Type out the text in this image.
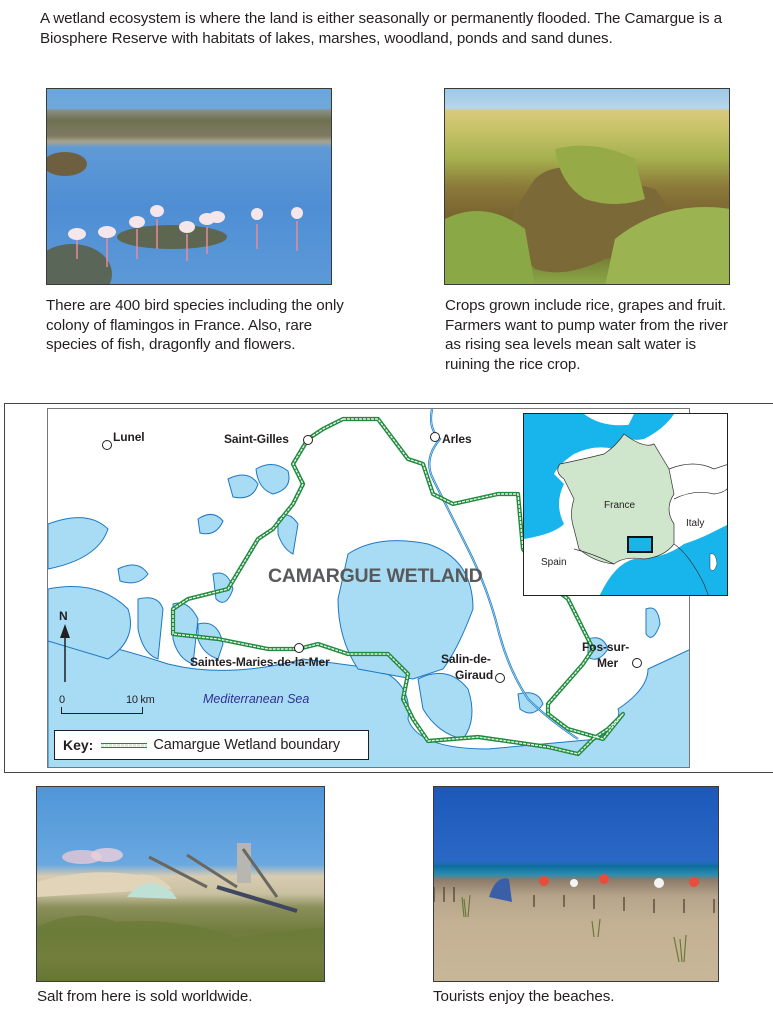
A wetland ecosystem is where the land is either seasonally or permanently flooded. The Camargue is a Biosphere Reserve with habitats of lakes, marshes, woodland, ponds and sand dunes.

There are 400 bird species including the only colony of flamingos in France. Also, rare species of fish, dragonfly and flowers.

Crops grown include rice, grapes and fruit. Farmers want to pump water from the river as rising sea levels mean salt water is ruining the rice crop.

CAMARGUE WETLAND
Lunel	Saint-Gilles	Arles
Saintes-Maries-de-la-Mer	Salin-de-
Giraud
Fos-sur-
Mer
Mediterranean Sea
N
0	10 km
Key:	Camargue Wetland boundary
France
Italy
Spain

Salt from here is sold worldwide.	Tourists enjoy the beaches.
